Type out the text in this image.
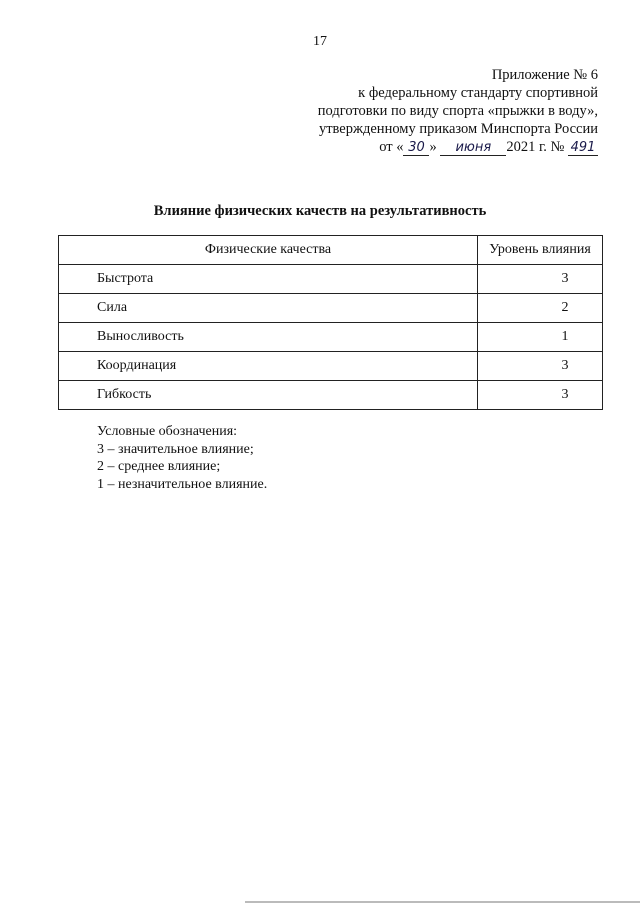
17
Приложение № 6
к федеральному стандарту спортивной
подготовки по виду спорта «прыжки в воду»,
утвержденному приказом Минспорта России
от « 30 » июня 2021 г. № 491
Влияние физических качеств на результативность
Физические качества	Уровень влияния
Быстрота	3
Сила	2
Выносливость	1
Координация	3
Гибкость	3
Условные обозначения:
3 – значительное влияние;
2 – среднее влияние;
1 – незначительное влияние.
